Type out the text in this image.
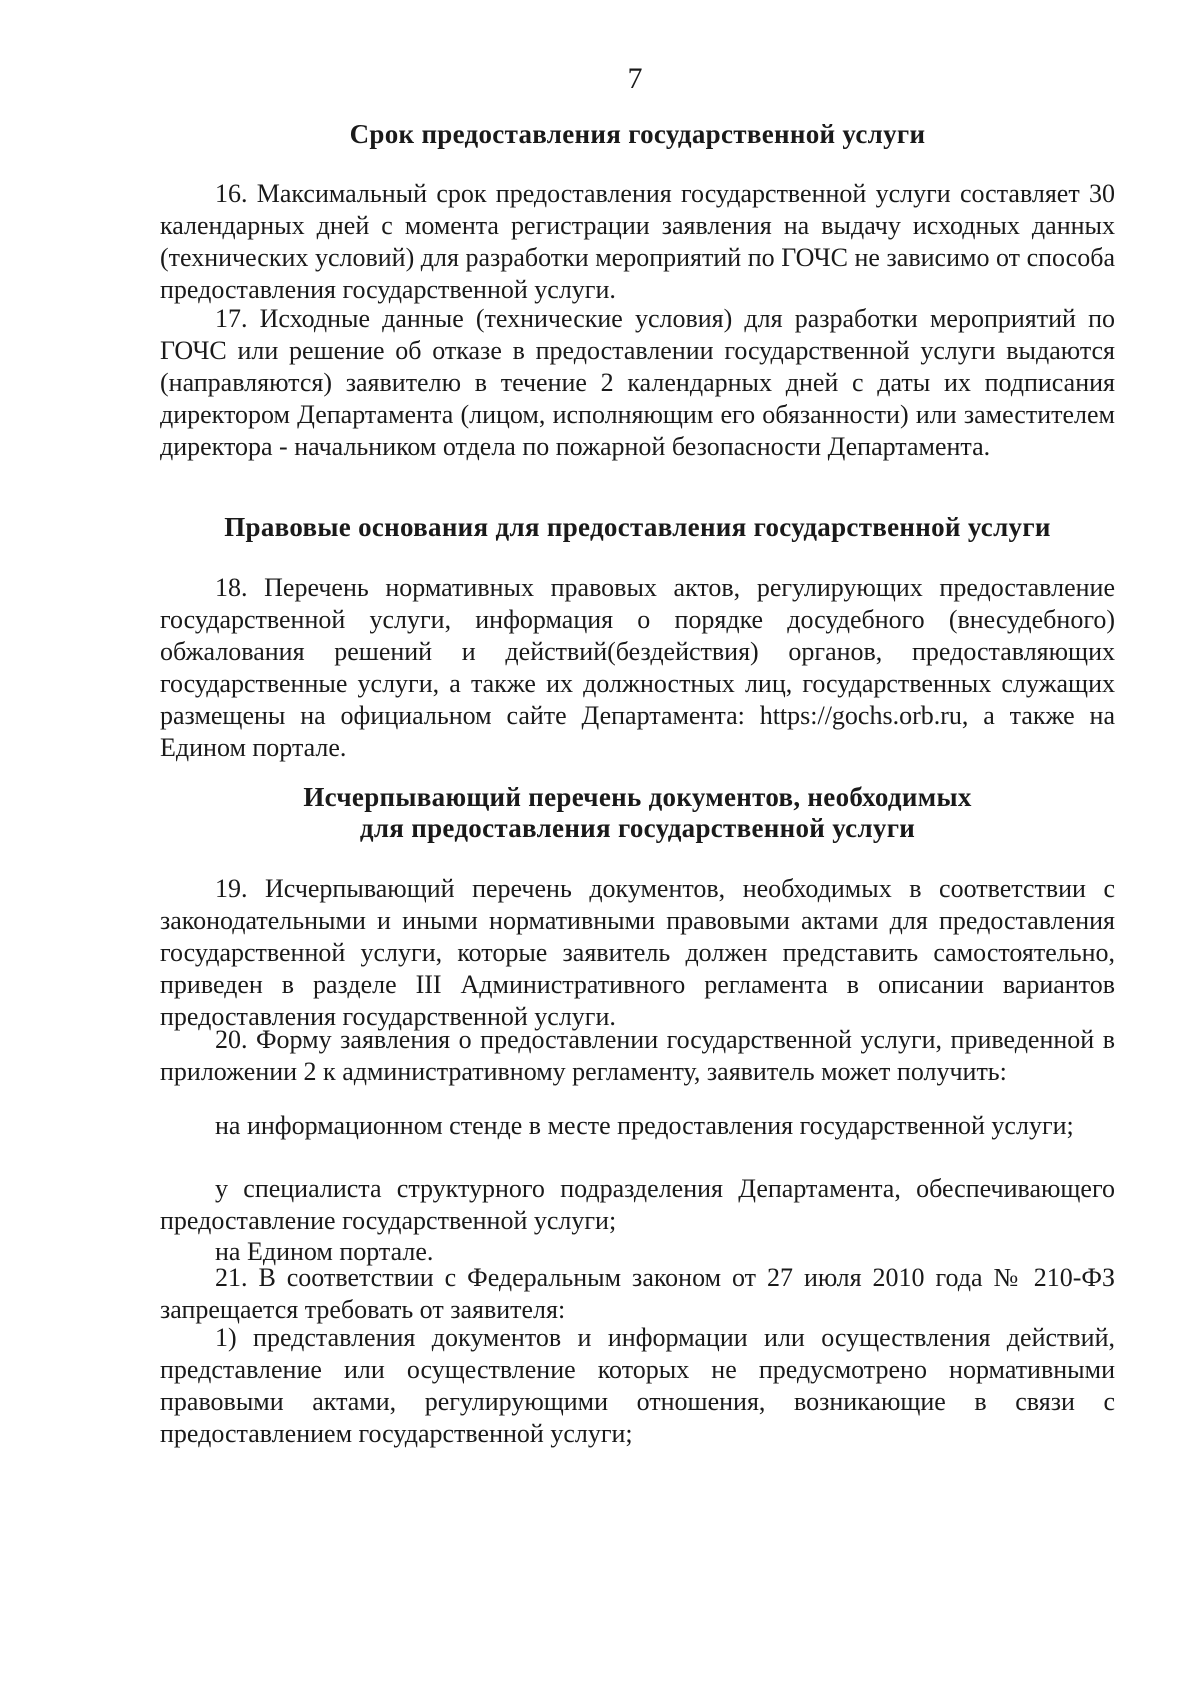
7
Срок предоставления государственной услуги
16. Максимальный срок предоставления государственной услуги составляет 30 календарных дней с момента регистрации заявления на выдачу исходных данных (технических условий) для разработки мероприятий по ГОЧС не зависимо от способа предоставления государственной услуги.
17. Исходные данные (технические условия) для разработки мероприятий по ГОЧС или решение об отказе в предоставлении государственной услуги выдаются (направляются) заявителю в течение 2 календарных дней с даты их подписания директором Департамента (лицом, исполняющим его обязанности) или заместителем директора - начальником отдела по пожарной безопасности Департамента.
Правовые основания для предоставления государственной услуги
18. Перечень нормативных правовых актов, регулирующих предоставление государственной услуги, информация о порядке досудебного (внесудебного) обжалования решений и действий(бездействия) органов, предоставляющих государственные услуги, а также их должностных лиц, государственных служащих размещены на официальном сайте Департамента: https://gochs.orb.ru, а также на Едином портале.
Исчерпывающий перечень документов, необходимых
для предоставления государственной услуги
19. Исчерпывающий перечень документов, необходимых в соответствии с законодательными и иными нормативными правовыми актами для предоставления государственной услуги, которые заявитель должен представить самостоятельно, приведен в разделе III Административного регламента в описании вариантов предоставления государственной услуги.
20. Форму заявления о предоставлении государственной услуги, приведенной в приложении 2 к административному регламенту, заявитель может получить:
на информационном стенде в месте предоставления государственной услуги;
у специалиста структурного подразделения Департамента, обеспечивающего предоставление государственной услуги;
на Едином портале.
21. В соответствии с Федеральным законом от 27 июля 2010 года № 210-ФЗ запрещается требовать от заявителя:
1) представления документов и информации или осуществления действий, представление или осуществление которых не предусмотрено нормативными правовыми актами, регулирующими отношения, возникающие в связи с предоставлением государственной услуги;
